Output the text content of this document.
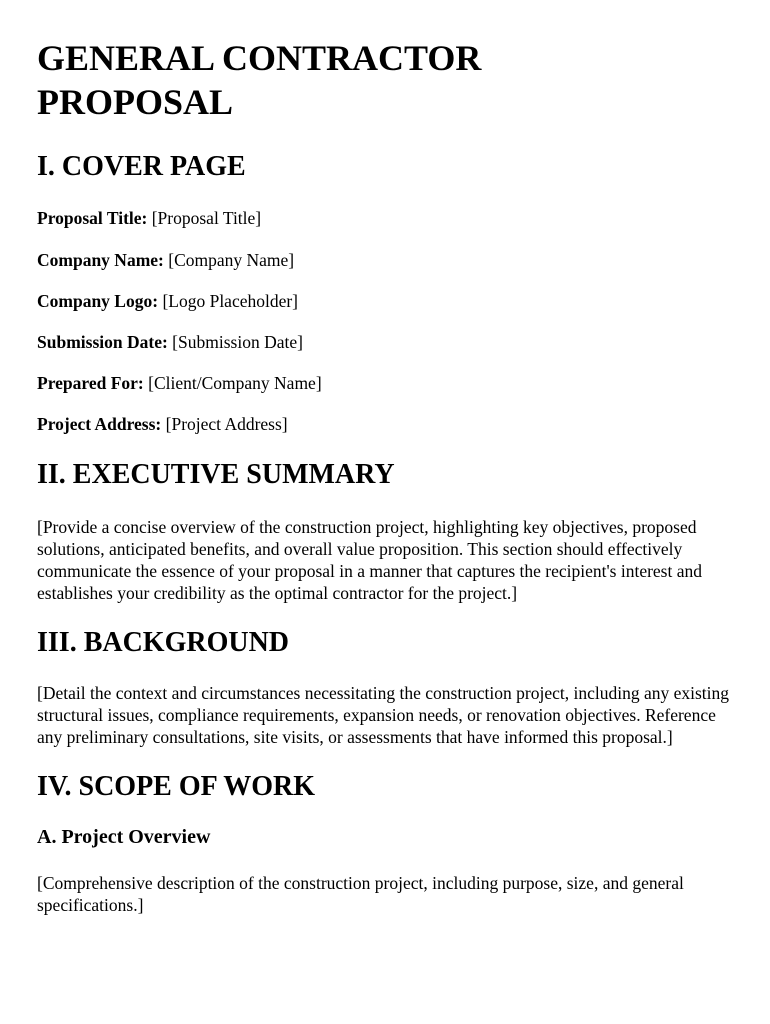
GENERAL CONTRACTOR PROPOSAL
I. COVER PAGE

Proposal Title: [Proposal Title]

Company Name: [Company Name]

Company Logo: [Logo Placeholder]

Submission Date: [Submission Date]

Prepared For: [Client/Company Name]

Project Address: [Project Address]

II. EXECUTIVE SUMMARY

[Provide a concise overview of the construction project, highlighting key objectives, proposed solutions, anticipated benefits, and overall value proposition. This section should effectively communicate the essence of your proposal in a manner that captures the recipient's interest and establishes your credibility as the optimal contractor for the project.]

III. BACKGROUND

[Detail the context and circumstances necessitating the construction project, including any existing structural issues, compliance requirements, expansion needs, or renovation objectives. Reference any preliminary consultations, site visits, or assessments that have informed this proposal.]

IV. SCOPE OF WORK
A. Project Overview

[Comprehensive description of the construction project, including purpose, size, and general specifications.]
